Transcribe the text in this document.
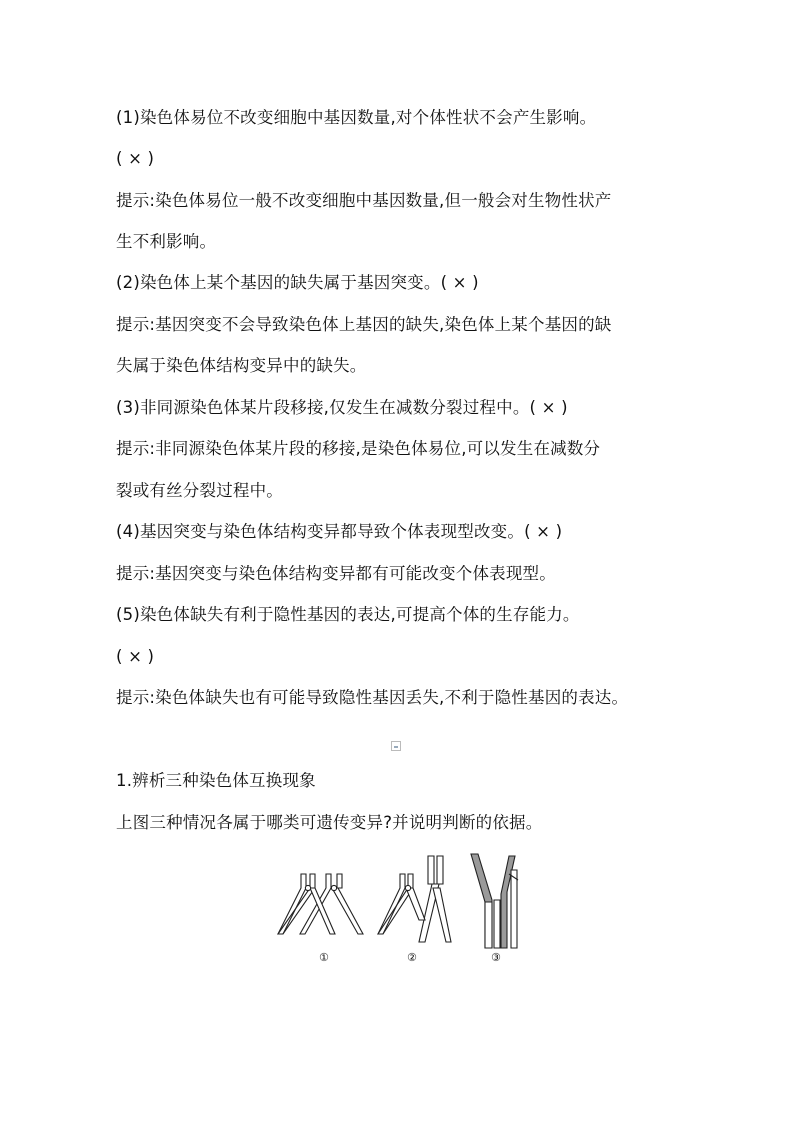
(1)染色体易位不改变细胞中基因数量,对个体性状不会产生影响。
( × )
提示:染色体易位一般不改变细胞中基因数量,但一般会对生物性状产
生不利影响。
(2)染色体上某个基因的缺失属于基因突变。( × )
提示:基因突变不会导致染色体上基因的缺失,染色体上某个基因的缺
失属于染色体结构变异中的缺失。
(3)非同源染色体某片段移接,仅发生在减数分裂过程中。( × )
提示:非同源染色体某片段的移接,是染色体易位,可以发生在减数分
裂或有丝分裂过程中。
(4)基因突变与染色体结构变异都导致个体表现型改变。( × )
提示:基因突变与染色体结构变异都有可能改变个体表现型。
(5)染色体缺失有利于隐性基因的表达,可提高个体的生存能力。
( × )
提示:染色体缺失也有可能导致隐性基因丢失,不利于隐性基因的表达。
1.辨析三种染色体互换现象
上图三种情况各属于哪类可遗传变异?并说明判断的依据。
①	②	③
